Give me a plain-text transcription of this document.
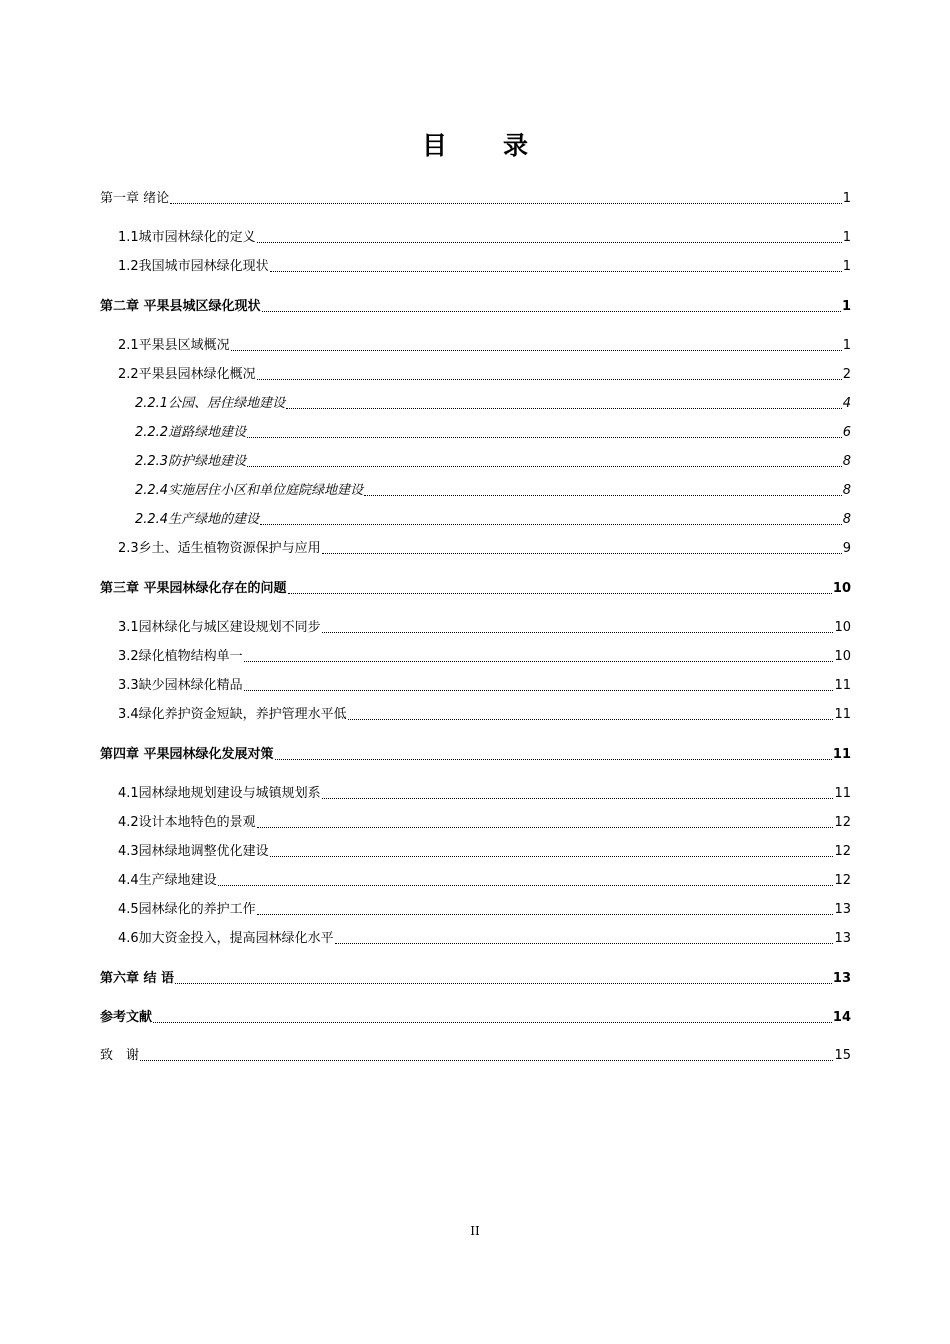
目录
第一章 绪论	1
1.1城市园林绿化的定义	1
1.2我国城市园林绿化现状	1
第二章 平果县城区绿化现状	1
2.1平果县区域概况	1
2.2平果县园林绿化概况	2
2.2.1公园、居住绿地建设	4
2.2.2道路绿地建设	6
2.2.3防护绿地建设	8
2.2.4实施居住小区和单位庭院绿地建设	8
2.2.4生产绿地的建设	8
2.3乡土、适生植物资源保护与应用	9
第三章 平果园林绿化存在的问题	10
3.1园林绿化与城区建设规划不同步	10
3.2绿化植物结构单一	10
3.3缺少园林绿化精品	11
3.4绿化养护资金短缺，养护管理水平低	11
第四章 平果园林绿化发展对策	11
4.1园林绿地规划建设与城镇规划系	11
4.2设计本地特色的景观	12
4.3园林绿地调整优化建设	12
4.4生产绿地建设	12
4.5园林绿化的养护工作	13
4.6加大资金投入，提高园林绿化水平	13
第六章 结 语	13
参考文献	14
致　谢	15
II
